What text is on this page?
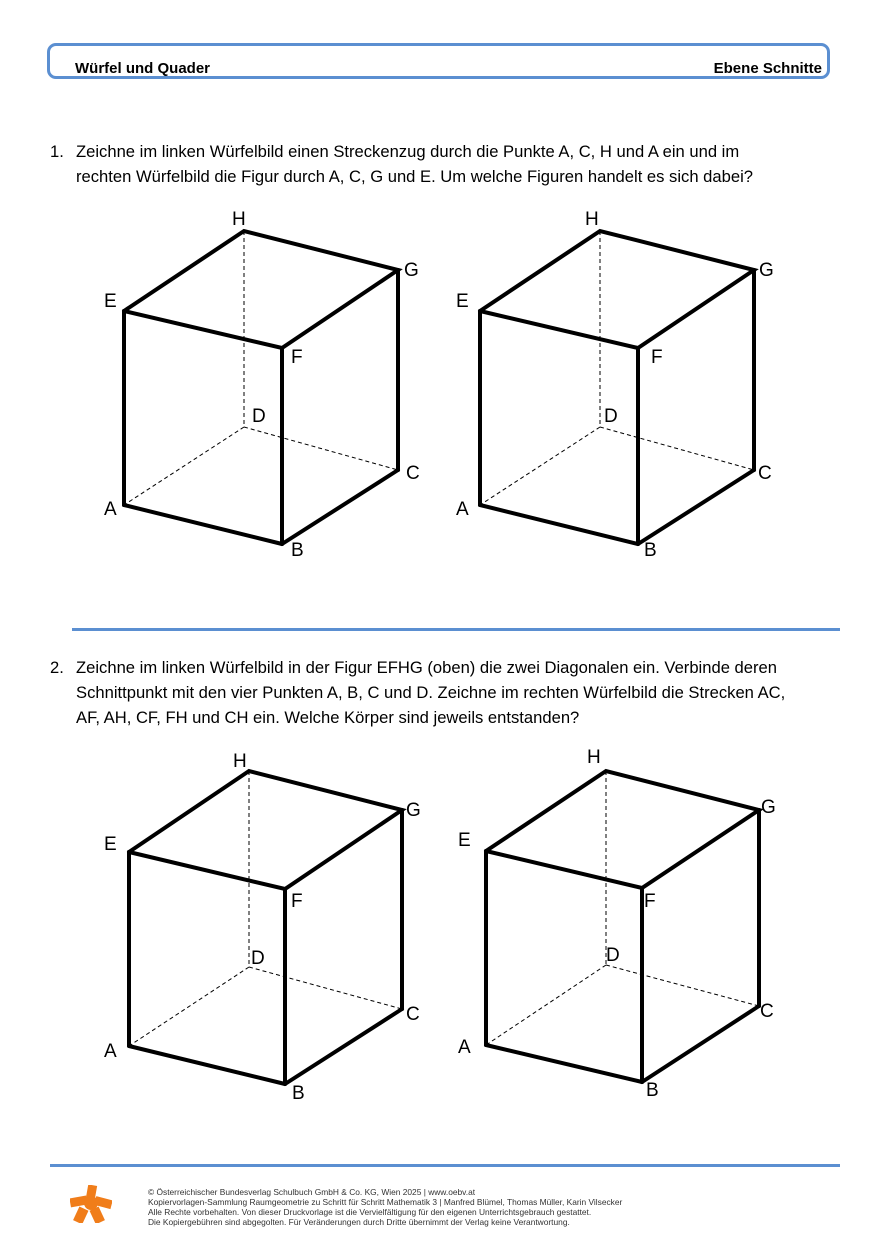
Würfel und Quader	Ebene Schnitte
1. Zeichne im linken Würfelbild einen Streckenzug durch die Punkte A, C, H und A ein und im
rechten Würfelbild die Figur durch A, C, G und E. Um welche Figuren handelt es sich dabei?
H
G
E
F
D
C
A
B
H
G
E
F
D
C
A
B
2. Zeichne im linken Würfelbild in der Figur EFHG (oben) die zwei Diagonalen ein. Verbinde deren
Schnittpunkt mit den vier Punkten A, B, C und D. Zeichne im rechten Würfelbild die Strecken AC,
AF, AH, CF, FH und CH ein. Welche Körper sind jeweils entstanden?
H
G
E
F
D
C
A
B
H
G
E
F
D
C
A
B
© Österreichischer Bundesverlag Schulbuch GmbH & Co. KG, Wien 2025 | www.oebv.at
Kopiervorlagen-Sammlung Raumgeometrie zu Schritt für Schritt Mathematik 3 | Manfred Blümel, Thomas Müller, Karin Vilsecker
Alle Rechte vorbehalten. Von dieser Druckvorlage ist die Vervielfältigung für den eigenen Unterrichtsgebrauch gestattet.
Die Kopiergebühren sind abgegolten. Für Veränderungen durch Dritte übernimmt der Verlag keine Verantwortung.
